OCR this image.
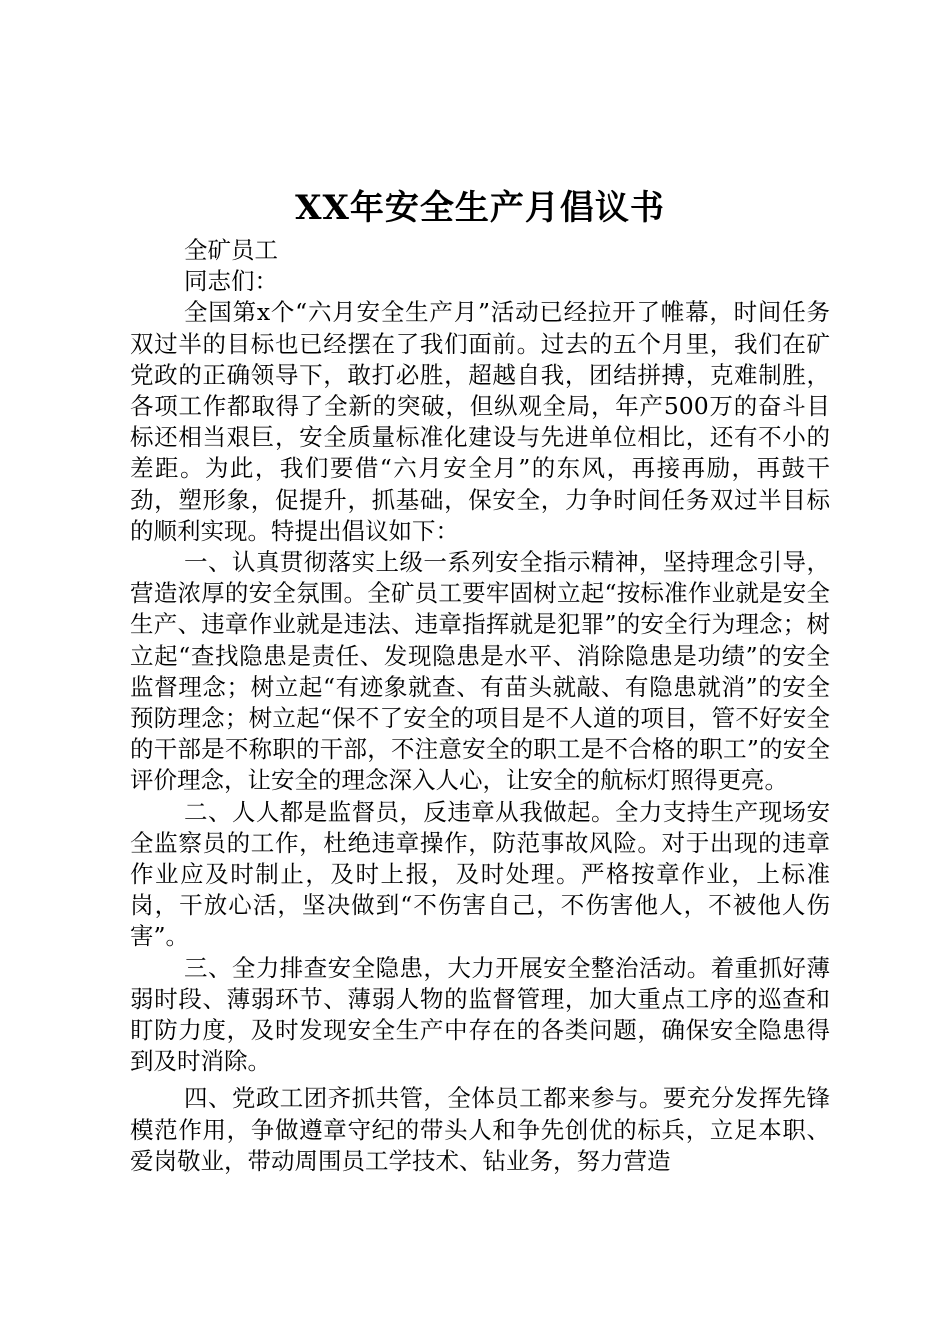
XX年安全生产月倡议书

全矿员工

同志们：

全国第x个“六月安全生产月”活动已经拉开了帷幕，时间任务双过半的目标也已经摆在了我们面前。过去的五个月里，我们在矿党政的正确领导下，敢打必胜，超越自我，团结拼搏，克难制胜，各项工作都取得了全新的突破，但纵观全局，年产500万的奋斗目标还相当艰巨，安全质量标准化建设与先进单位相比，还有不小的差距。为此，我们要借“六月安全月”的东风，再接再励，再鼓干劲，塑形象，促提升，抓基础，保安全，力争时间任务双过半目标的顺利实现。特提出倡议如下：

一、认真贯彻落实上级一系列安全指示精神，坚持理念引导，营造浓厚的安全氛围。全矿员工要牢固树立起“按标准作业就是安全生产、违章作业就是违法、违章指挥就是犯罪”的安全行为理念；树立起“查找隐患是责任、发现隐患是水平、消除隐患是功绩”的安全监督理念；树立起“有迹象就查、有苗头就敲、有隐患就消”的安全预防理念；树立起“保不了安全的项目是不人道的项目，管不好安全的干部是不称职的干部，不注意安全的职工是不合格的职工”的安全评价理念，让安全的理念深入人心，让安全的航标灯照得更亮。

二、人人都是监督员，反违章从我做起。全力支持生产现场安全监察员的工作，杜绝违章操作，防范事故风险。对于出现的违章作业应及时制止，及时上报，及时处理。严格按章作业，上标准岗，干放心活，坚决做到“不伤害自己，不伤害他人，不被他人伤害”。

三、全力排查安全隐患，大力开展安全整治活动。着重抓好薄弱时段、薄弱环节、薄弱人物的监督管理，加大重点工序的巡查和盯防力度，及时发现安全生产中存在的各类问题，确保安全隐患得到及时消除。

四、党政工团齐抓共管，全体员工都来参与。要充分发挥先锋模范作用，争做遵章守纪的带头人和争先创优的标兵，立足本职、爱岗敬业，带动周围员工学技术、钻业务，努力营造
